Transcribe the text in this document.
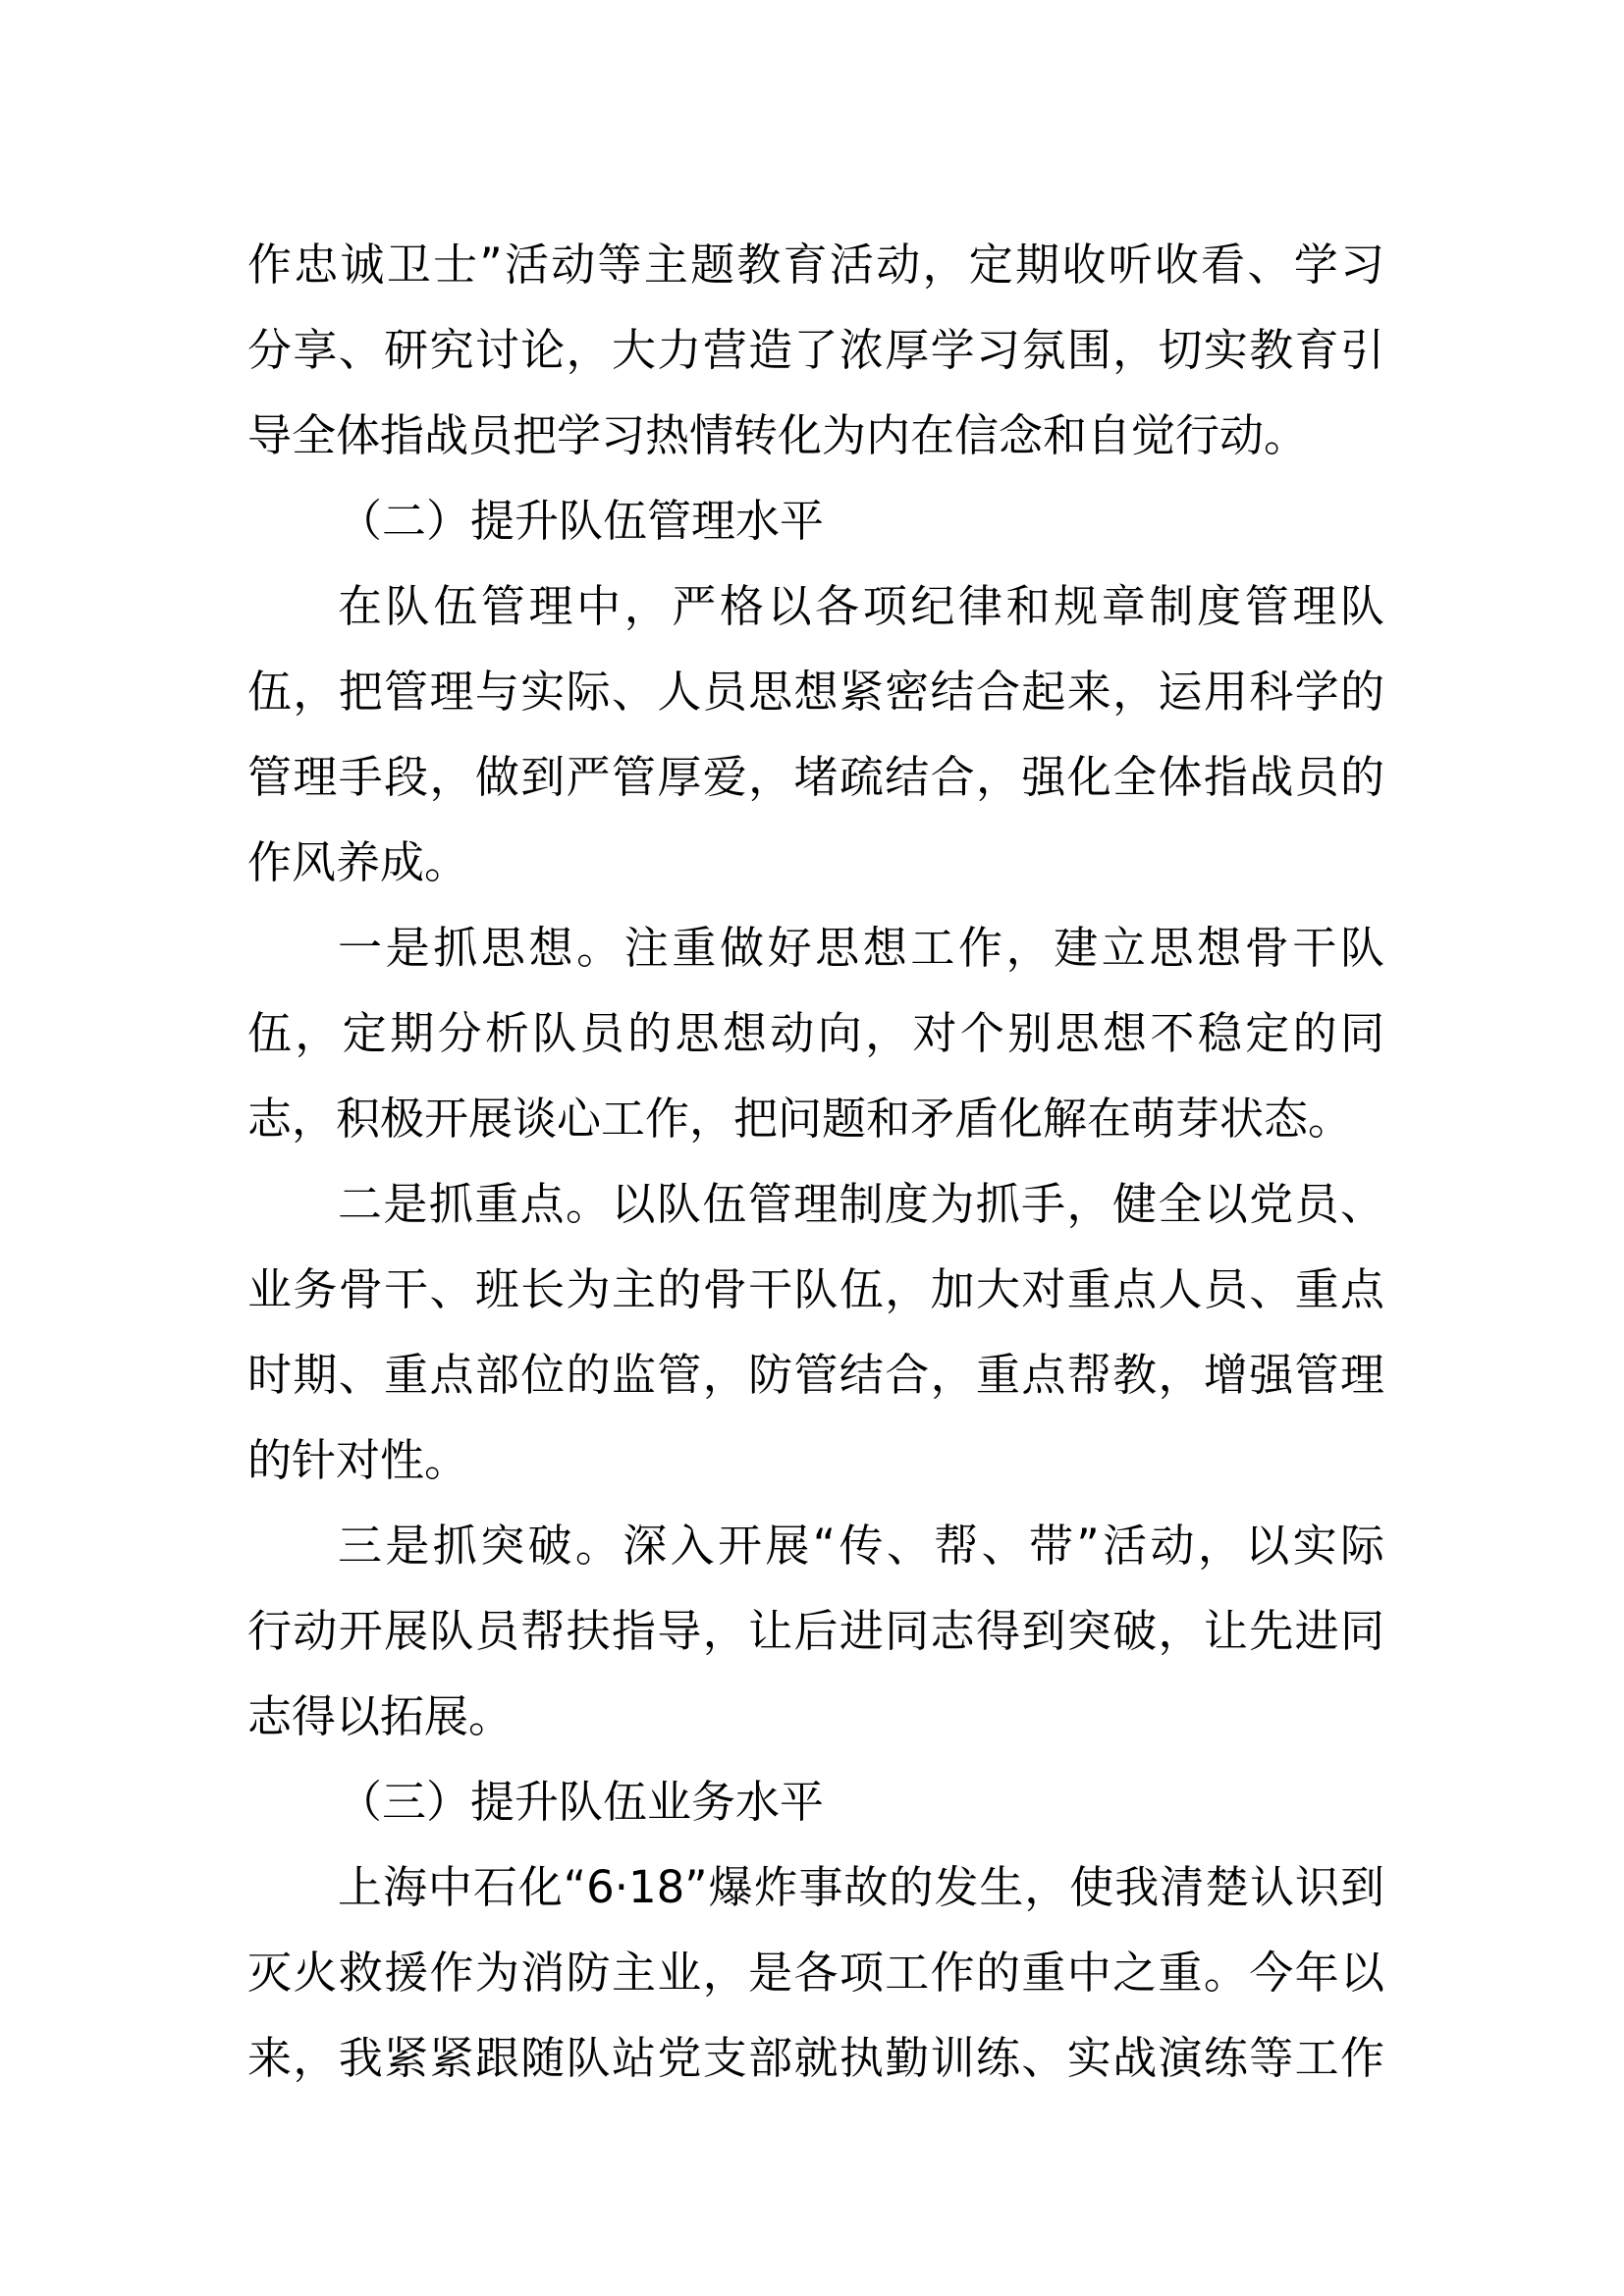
作忠诚卫士”活动等主题教育活动，定期收听收看、学习
分享、研究讨论，大力营造了浓厚学习氛围，切实教育引
导全体指战员把学习热情转化为内在信念和自觉行动。
（二）提升队伍管理水平
在队伍管理中，严格以各项纪律和规章制度管理队
伍，把管理与实际、人员思想紧密结合起来，运用科学的
管理手段，做到严管厚爱，堵疏结合，强化全体指战员的
作风养成。
一是抓思想。注重做好思想工作，建立思想骨干队
伍，定期分析队员的思想动向，对个别思想不稳定的同
志，积极开展谈心工作，把问题和矛盾化解在萌芽状态。
二是抓重点。以队伍管理制度为抓手，健全以党员、
业务骨干、班长为主的骨干队伍，加大对重点人员、重点
时期、重点部位的监管，防管结合，重点帮教，增强管理
的针对性。
三是抓突破。深入开展“传、帮、带”活动，以实际
行动开展队员帮扶指导，让后进同志得到突破，让先进同
志得以拓展。
（三）提升队伍业务水平
上海中石化“6·18”爆炸事故的发生，使我清楚认识到
灭火救援作为消防主业，是各项工作的重中之重。今年以
来，我紧紧跟随队站党支部就执勤训练、实战演练等工作
